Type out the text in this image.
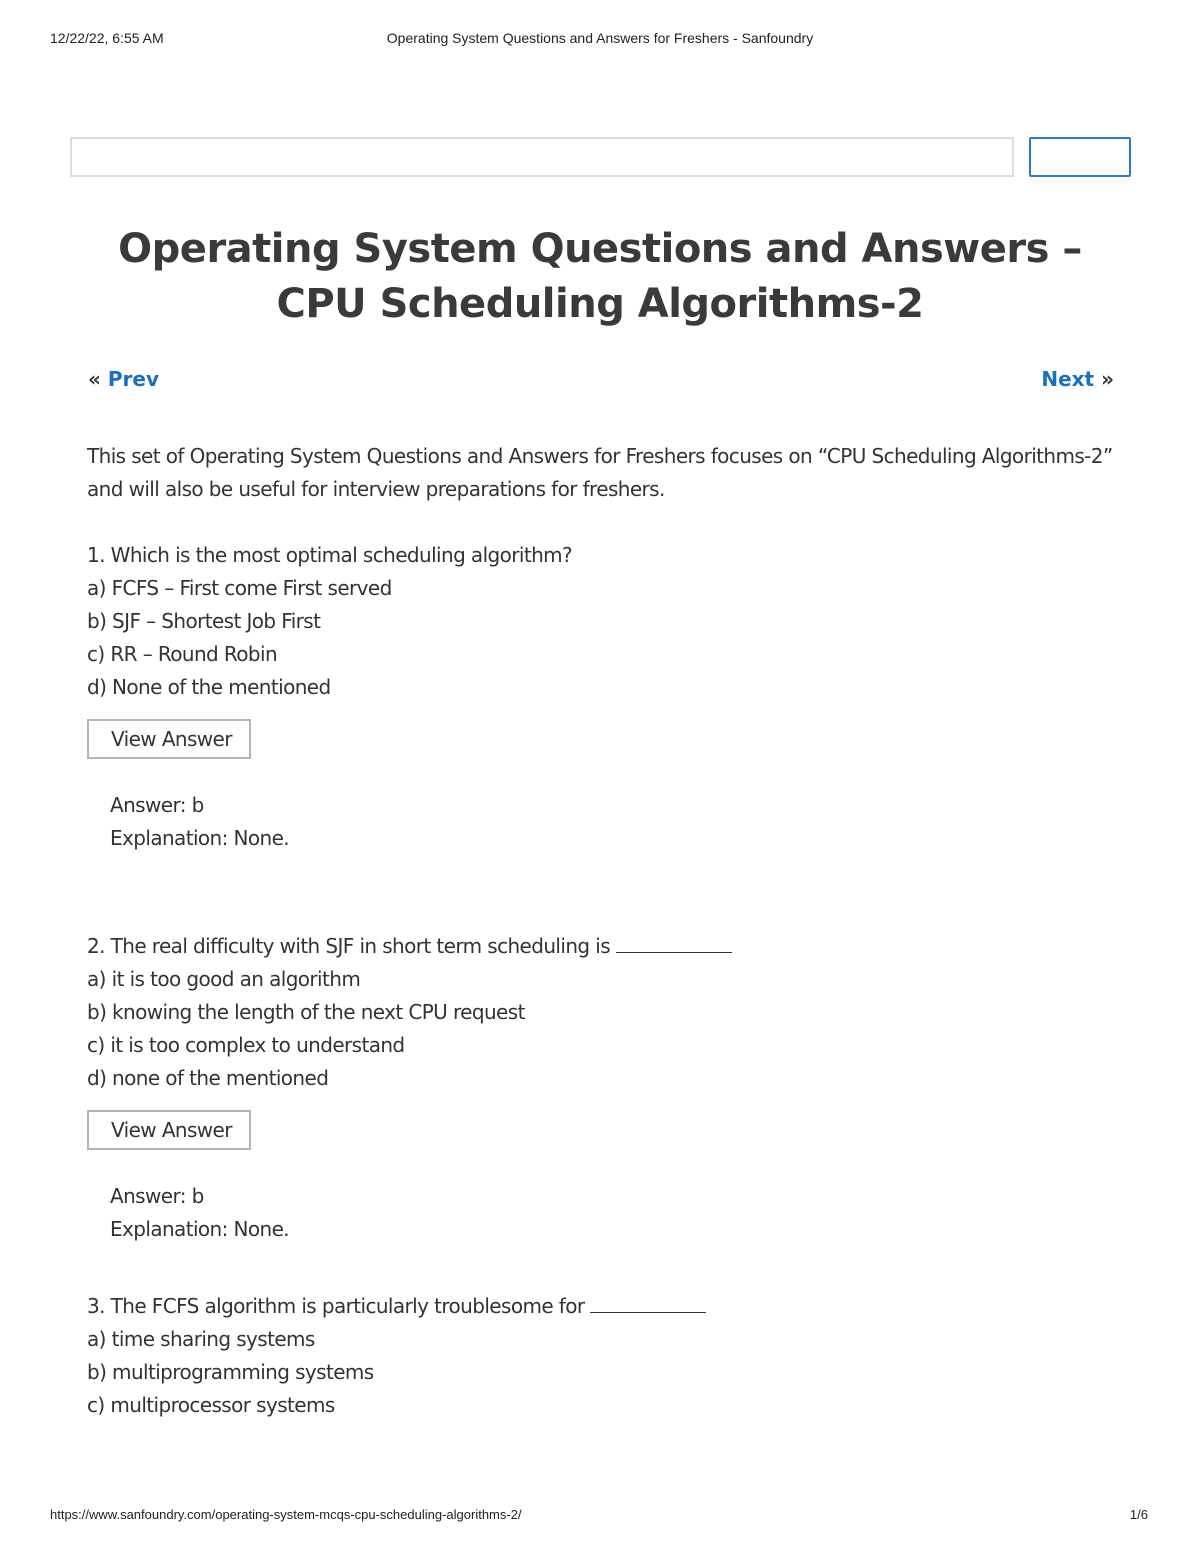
12/22/22, 6:55 AM	Operating System Questions and Answers for Freshers - Sanfoundry
Operating System Questions and Answers – CPU Scheduling Algorithms-2
« Prev	Next »

This set of Operating System Questions and Answers for Freshers focuses on “CPU Scheduling Algorithms-2” and will also be useful for interview preparations for freshers.

1. Which is the most optimal scheduling algorithm?

a) FCFS – First come First served

b) SJF – Shortest Job First

c) RR – Round Robin

d) None of the mentioned

View Answer

Answer: b

Explanation: None.

2. The real difficulty with SJF in short term scheduling is

a) it is too good an algorithm

b) knowing the length of the next CPU request

c) it is too complex to understand

d) none of the mentioned

View Answer

Answer: b

Explanation: None.

3. The FCFS algorithm is particularly troublesome for

a) time sharing systems

b) multiprogramming systems

c) multiprocessor systems

https://www.sanfoundry.com/operating-system-mcqs-cpu-scheduling-algorithms-2/	1/6
